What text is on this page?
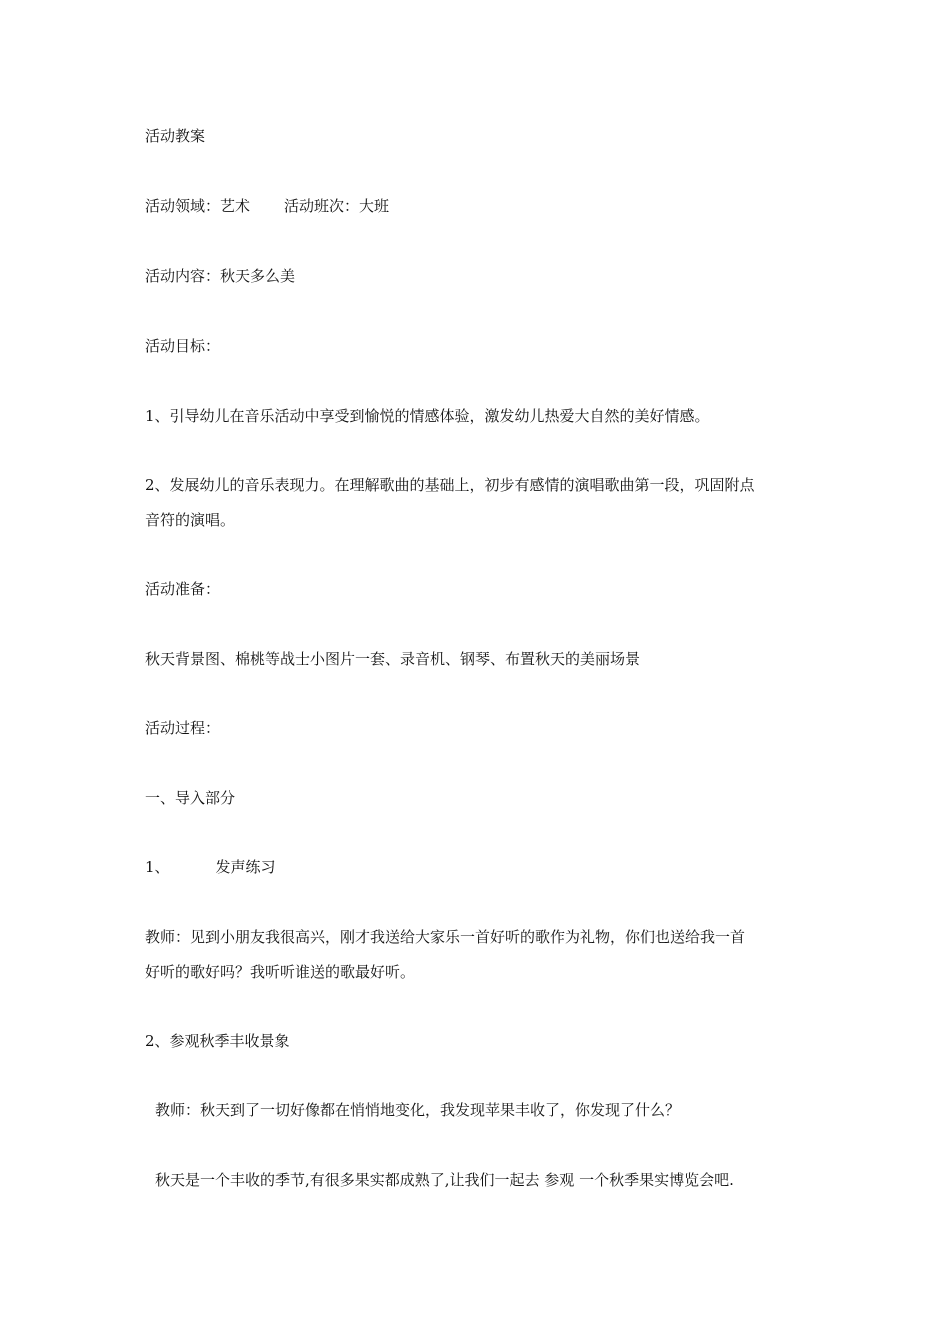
活动教案
活动领域：艺术 活动班次：大班
活动内容：秋天多么美
活动目标：
1、引导幼儿在音乐活动中享受到愉悦的情感体验，激发幼儿热爱大自然的美好情感。
2、发展幼儿的音乐表现力。在理解歌曲的基础上，初步有感情的演唱歌曲第一段，巩固附点
音符的演唱。
活动准备：
秋天背景图、棉桃等战士小图片一套、录音机、钢琴、布置秋天的美丽场景
活动过程：
一、导入部分
1、	发声练习
教师：见到小朋友我很高兴，刚才我送给大家乐一首好听的歌作为礼物，你们也送给我一首
好听的歌好吗？我听听谁送的歌最好听。
2、参观秋季丰收景象
教师：秋天到了一切好像都在悄悄地变化，我发现苹果丰收了，你发现了什么？
秋天是一个丰收的季节,有很多果实都成熟了,让我们一起去 参观 一个秋季果实博览会吧.
